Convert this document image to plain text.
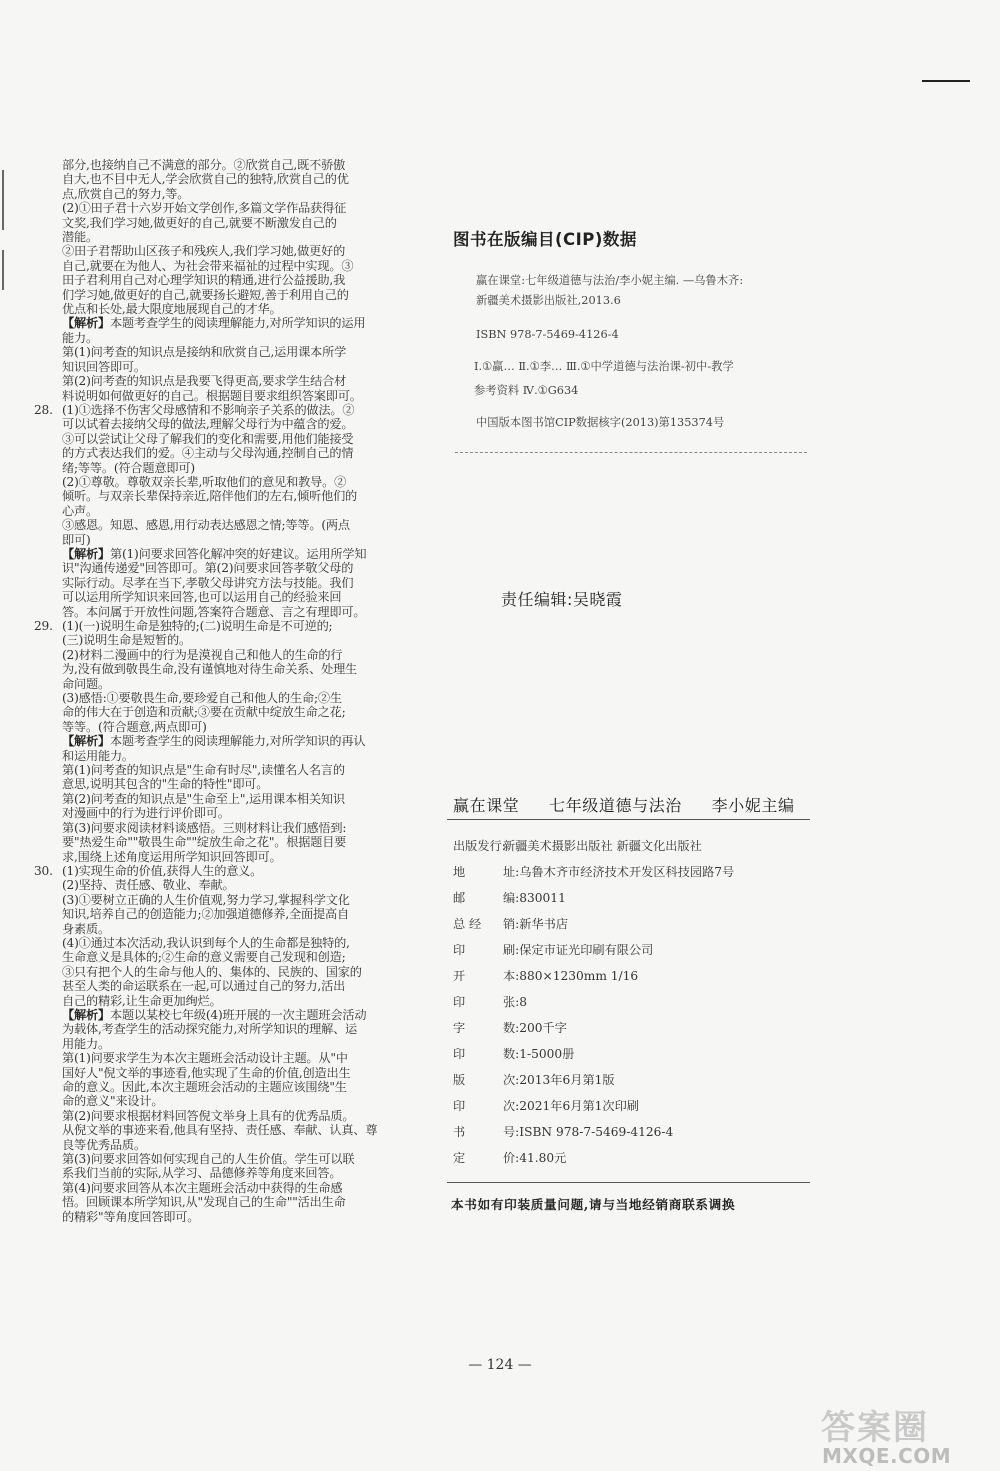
部分,也接纳自己不满意的部分。②欣赏自己,既不骄傲

自大,也不目中无人,学会欣赏自己的独特,欣赏自己的优

点,欣赏自己的努力,等。

(2)①田子君十六岁开始文学创作,多篇文学作品获得征

文奖,我们学习她,做更好的自己,就要不断激发自己的

潜能。

②田子君帮助山区孩子和残疾人,我们学习她,做更好的

自己,就要在为他人、为社会带来福祉的过程中实现。③

田子君利用自己对心理学知识的精通,进行公益援助,我

们学习她,做更好的自己,就要扬长避短,善于利用自己的

优点和长处,最大限度地展现自己的才华。

【解析】本题考查学生的阅读理解能力,对所学知识的运用

能力。

第(1)问考查的知识点是接纳和欣赏自己,运用课本所学

知识回答即可。

第(2)问考查的知识点是我要飞得更高,要求学生结合材

料说明如何做更好的自己。根据题目要求组织答案即可。

28. (1)①选择不伤害父母感情和不影响亲子关系的做法。②

可以试着去接纳父母的做法,理解父母行为中蕴含的爱。

③可以尝试让父母了解我们的变化和需要,用他们能接受

的方式表达我们的爱。④主动与父母沟通,控制自己的情

绪;等等。(符合题意即可)

(2)①尊敬。尊敬双亲长辈,听取他们的意见和教导。②

倾听。与双亲长辈保持亲近,陪伴他们的左右,倾听他们的

心声。

③感恩。知恩、感恩,用行动表达感恩之情;等等。(两点

即可)

【解析】第(1)问要求回答化解冲突的好建议。运用所学知

识"沟通传递爱"回答即可。第(2)问要求回答孝敬父母的

实际行动。尽孝在当下,孝敬父母讲究方法与技能。我们

可以运用所学知识来回答,也可以运用自己的经验来回

答。本问属于开放性问题,答案符合题意、言之有理即可。

29. (1)(一)说明生命是独特的;(二)说明生命是不可逆的;

(三)说明生命是短暂的。

(2)材料二漫画中的行为是漠视自己和他人的生命的行

为,没有做到敬畏生命,没有谨慎地对待生命关系、处理生

命问题。

(3)感悟:①要敬畏生命,要珍爱自己和他人的生命;②生

命的伟大在于创造和贡献;③要在贡献中绽放生命之花;

等等。(符合题意,两点即可)

【解析】本题考查学生的阅读理解能力,对所学知识的再认

和运用能力。

第(1)问考查的知识点是"生命有时尽",读懂名人名言的

意思,说明其包含的"生命的特性"即可。

第(2)问考查的知识点是"生命至上",运用课本相关知识

对漫画中的行为进行评价即可。

第(3)问要求阅读材料谈感悟。三则材料让我们感悟到:

要"热爱生命""敬畏生命""绽放生命之花"。根据题目要

求,围绕上述角度运用所学知识回答即可。

30. (1)实现生命的价值,获得人生的意义。

(2)坚持、责任感、敬业、奉献。

(3)①要树立正确的人生价值观,努力学习,掌握科学文化

知识,培养自己的创造能力;②加强道德修养,全面提高自

身素质。

(4)①通过本次活动,我认识到每个人的生命都是独特的,

生命意义是具体的;②生命的意义需要自己发现和创造;

③只有把个人的生命与他人的、集体的、民族的、国家的

甚至人类的命运联系在一起,可以通过自己的努力,活出

自己的精彩,让生命更加绚烂。

【解析】本题以某校七年级(4)班开展的一次主题班会活动

为载体,考查学生的活动探究能力,对所学知识的理解、运

用能力。

第(1)问要求学生为本次主题班会活动设计主题。从"中

国好人"倪文举的事迹看,他实现了生命的价值,创造出生

命的意义。因此,本次主题班会活动的主题应该围绕"生

命的意义"来设计。

第(2)问要求根据材料回答倪文举身上具有的优秀品质。

从倪文举的事迹来看,他具有坚持、责任感、奉献、认真、尊

良等优秀品质。

第(3)问要求回答如何实现自己的人生价值。学生可以联

系我们当前的实际,从学习、品德修养等角度来回答。

第(4)问要求回答从本次主题班会活动中获得的生命感

悟。回顾课本所学知识,从"发现自己的生命""活出生命

的精彩"等角度回答即可。

图书在版编目(CIP)数据
赢在课堂:七年级道德与法治/李小妮主编. —乌鲁木齐:
新疆美术摄影出版社,2013.6
ISBN 978-7-5469-4126-4
Ⅰ.①赢… Ⅱ.①李… Ⅲ.①中学道德与法治课-初中-教学
参考资料 Ⅳ.①G634
中国版本图书馆CIP数据核字(2013)第135374号
责任编辑:吴晓霞
赢在课堂 七年级道德与法治 李小妮主编
出版发行:新疆美术摄影出版社 新疆文化出版社
地	址:乌鲁木齐市经济技术开发区科技园路7号
邮	编:830011
总 经 销:新华书店
印	刷:保定市证光印刷有限公司
开	本:880×1230mm 1/16
印	张:8
字	数:200千字
印	数:1-5000册
版	次:2013年6月第1版
印	次:2021年6月第1次印刷
书	号:ISBN 978-7-5469-4126-4
定	价:41.80元
本书如有印装质量问题,请与当地经销商联系调换
— 124 —
答案圈
MXQE.COM
